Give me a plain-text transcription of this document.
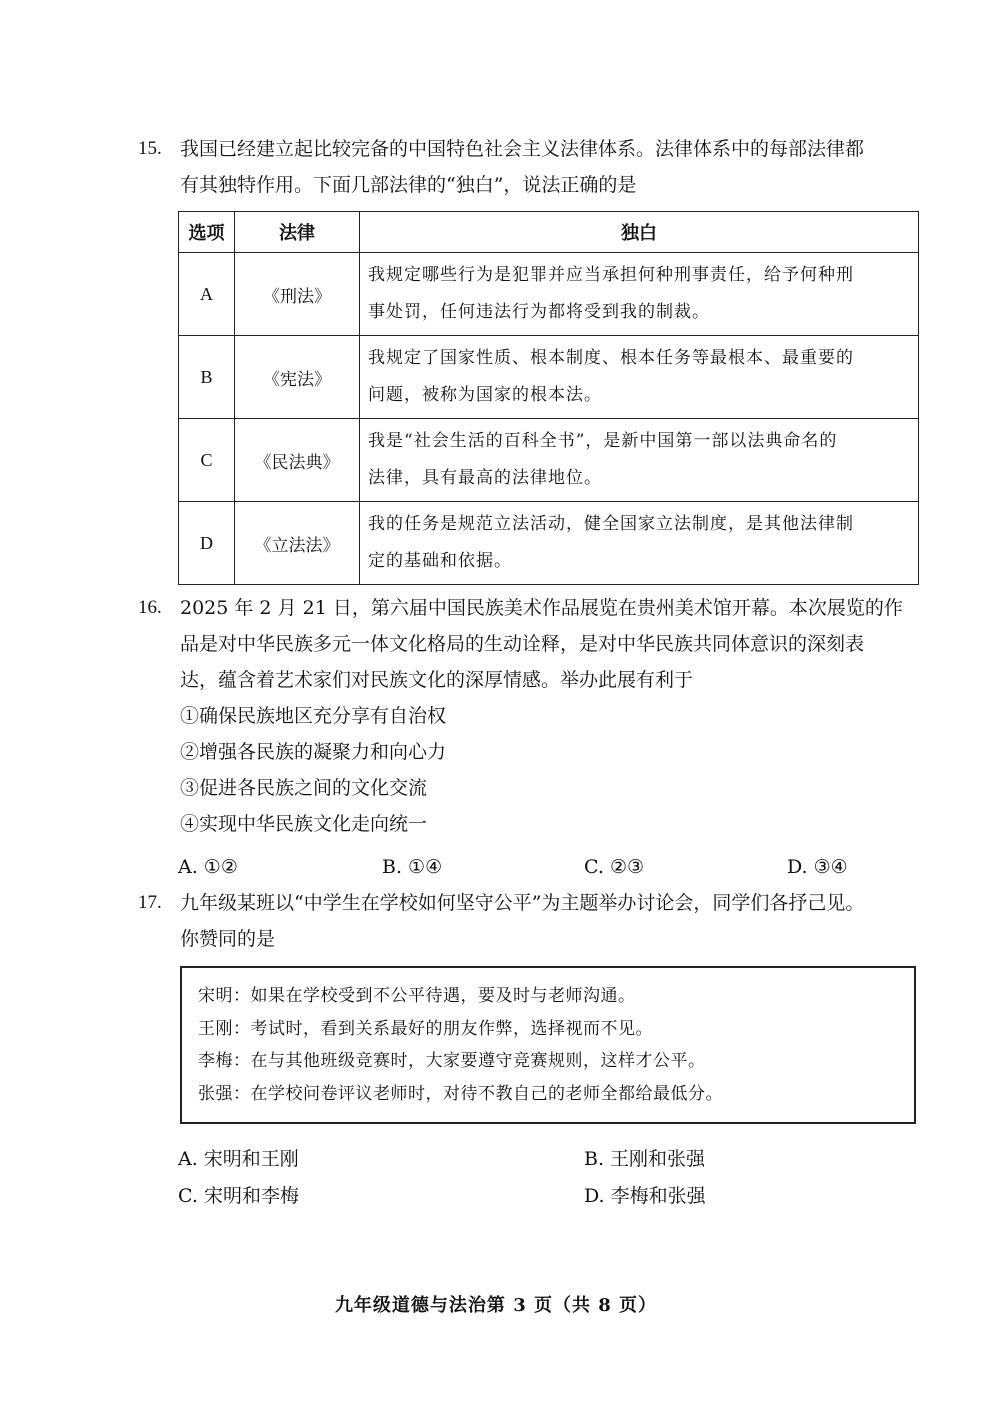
15. 我国已经建立起比较完备的中国特色社会主义法律体系。法律体系中的每部法律都
有其独特作用。下面几部法律的“独白”，说法正确的是
选项	法律	独白
A	《刑法》	我规定哪些行为是犯罪并应当承担何种刑事责任，给予何种刑
事处罚，任何违法行为都将受到我的制裁。

B	《宪法》	我规定了国家性质、根本制度、根本任务等最根本、最重要的
问题，被称为国家的根本法。

C	《民法典》	我是“社会生活的百科全书”，是新中国第一部以法典命名的
法律，具有最高的法律地位。

D	《立法法》	我的任务是规范立法活动，健全国家立法制度，是其他法律制
定的基础和依据。
16. 2025 年 2 月 21 日，第六届中国民族美术作品展览在贵州美术馆开幕。本次展览的作
品是对中华民族多元一体文化格局的生动诠释，是对中华民族共同体意识的深刻表
达，蕴含着艺术家们对民族文化的深厚情感。举办此展有利于
①确保民族地区充分享有自治权
②增强各民族的凝聚力和向心力
③促进各民族之间的文化交流
④实现中华民族文化走向统一
A. ①②	B. ①④	C. ②③	D. ③④
17. 九年级某班以“中学生在学校如何坚守公平”为主题举办讨论会，同学们各抒己见。
你赞同的是
宋明：如果在学校受到不公平待遇，要及时与老师沟通。
王刚：考试时，看到关系最好的朋友作弊，选择视而不见。
李梅：在与其他班级竞赛时，大家要遵守竞赛规则，这样才公平。
张强：在学校问卷评议老师时，对待不教自己的老师全都给最低分。
A. 宋明和王刚	B. 王刚和张强
C. 宋明和李梅	D. 李梅和张强
九年级道德与法治第 3 页（共 8 页）
